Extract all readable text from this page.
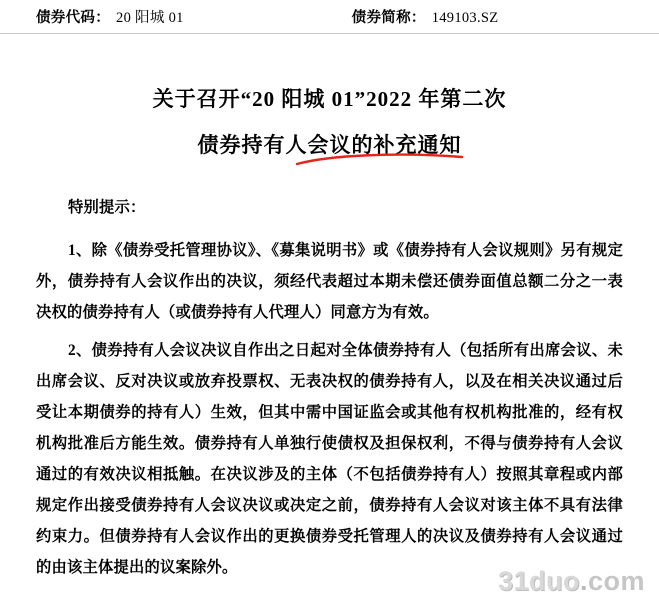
债券代码 ： 20 阳城 01	债券简称 ： 149103.SZ
关于召开“20 阳城 01”2022 年第二次
债券持有人会议的补充通知

特别提示：

1、除《债券受托管理协议》、《募集说明书》或《债券持有人会议规则》另有规定外，债券持有人会议作出的决议，须经代表超过本期未偿还债券面值总额二分之一表决权的债券持有人（或债券持有人代理人）同意方为有效。

2、债券持有人会议决议自作出之日起对全体债券持有人（包括所有出席会议、未出席会议、反对决议或放弃投票权、无表决权的债券持有人，以及在相关决议通过后受让本期债券的持有人）生效，但其中需中国证监会或其他有权机构批准的，经有权机构批准后方能生效。债券持有人单独行使债权及担保权利，不得与债券持有人会议通过的有效决议相抵触。在决议涉及的主体（不包括债券持有人）按照其章程或内部规定作出接受债券持有人会议决议或决定之前，债券持有人会议对该主体不具有法律约束力。但债券持有人会议作出的更换债券受托管理人的决议及债券持有人会议通过的由该主体提出的议案除外。	31duo.com
